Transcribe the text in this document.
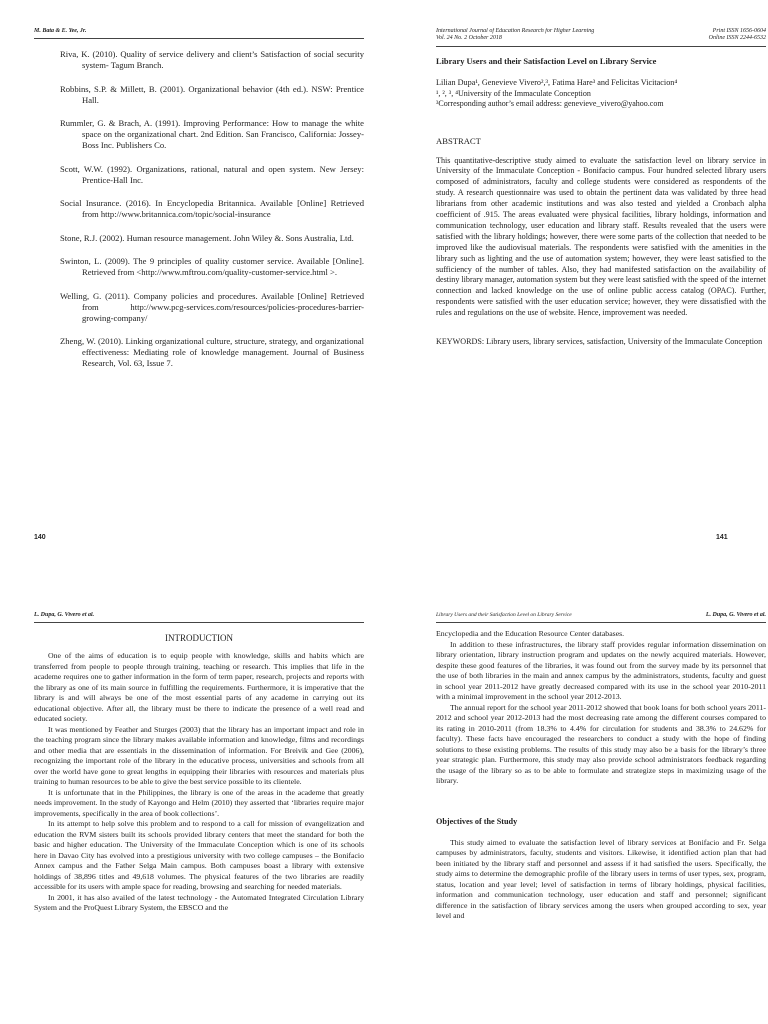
M. Bata & E. Yee, Jr.

Riva, K. (2010). Quality of service delivery and client’s Satisfaction of social security system- Tagum Branch.

Robbins, S.P. & Millett, B. (2001). Organizational behavior (4th ed.). NSW: Prentice Hall.

Rummler, G. & Brach, A. (1991). Improving Performance: How to manage the white space on the organizational chart. 2nd Edition. San Francisco, California: Jossey-Boss Inc. Publishers Co.

Scott, W.W. (1992). Organizations, rational, natural and open system. New Jersey: Prentice-Hall Inc.

Social Insurance. (2016). In Encyclopedia Britannica. Available [Online] Retrieved from http://www.britannica.com/topic/social-insurance

Stone, R.J. (2002). Human resource management. John Wiley &. Sons Australia, Ltd.

Swinton, L. (2009). The 9 principles of quality customer service. Available [Online]. Retrieved from <http://www.mftrou.com/quality-customer-service.html >.

Welling, G. (2011). Company policies and procedures. Available [Online] Retrieved from http://www.pcg-services.com/resources/policies-procedures-barrier-growing-company/

Zheng, W. (2010). Linking organizational culture, structure, strategy, and organizational effectiveness: Mediating role of knowledge management. Journal of Business Research, Vol. 63, Issue 7.

140
International Journal of Education Research for Higher Learning
Vol. 24 No. 2 October 2018
Print ISSN 1656-0604
Online ISSN 2244-6532
Library Users and their Satisfaction Level on Library Service
Lilian Dupa¹, Genevieve Vivero²,³, Fatima Hare³ and Felicitas Vicitacion⁴
¹, ², ³, ⁴University of the Immaculate Conception
³Corresponding author’s email address: genevieve_vivero@yahoo.com
ABSTRACT

This quantitative-descriptive study aimed to evaluate the satisfaction level on library service in University of the Immaculate Conception - Bonifacio campus. Four hundred selected library users composed of administrators, faculty and college students were considered as respondents of the study. A research questionnaire was used to obtain the pertinent data was validated by three head librarians from other academic institutions and was also tested and yielded a Cronbach alpha coefficient of .915. The areas evaluated were physical facilities, library holdings, information and communication technology, user education and library staff. Results revealed that the users were satisfied with the library holdings; however, there were some parts of the collection that needed to be improved like the audiovisual materials. The respondents were satisfied with the amenities in the library such as lighting and the use of automation system; however, they were least satisfied to the sufficiency of the number of tables. Also, they had manifested satisfaction on the availability of destiny library manager, automation system but they were least satisfied with the speed of the internet connection and lacked knowledge on the use of online public access catalog (OPAC). Further, respondents were satisfied with the user education service; however, they were dissatisfied with the rules and regulations on the use of website. Hence, improvement was needed.

KEYWORDS: Library users, library services, satisfaction, University of the Immaculate Conception

141
L. Dupa, G. Vivero et al.
INTRODUCTION

One of the aims of education is to equip people with knowledge, skills and habits which are transferred from people to people through training, teaching or research. This implies that life in the academe requires one to gather information in the form of term paper, research, projects and reports with the library as one of its main source in fulfilling the requirements. Furthermore, it is imperative that the library is and will always be one of the most essential parts of any academe in carrying out its educational objective. After all, the library must be there to indicate the presence of a well read and educated society.

It was mentioned by Feather and Sturges (2003) that the library has an important impact and role in the teaching program since the library makes available information and knowledge, films and recordings and other media that are essentials in the dissemination of information. For Breivik and Gee (2006), recognizing the important role of the library in the educative process, universities and schools from all over the world have gone to great lengths in equipping their libraries with resources and materials plus training to human resources to be able to give the best service possible to its clientele.

It is unfortunate that in the Philippines, the library is one of the areas in the academe that greatly needs improvement. In the study of Kayongo and Helm (2010) they asserted that ‘libraries require major improvements, specifically in the area of book collections’.

In its attempt to help solve this problem and to respond to a call for mission of evangelization and education the RVM sisters built its schools provided library centers that meet the standard for both the basic and higher education. The University of the Immaculate Conception which is one of its schools here in Davao City has evolved into a prestigious university with two college campuses – the Bonifacio Annex campus and the Father Selga Main campus. Both campuses boast a library with extensive holdings of 38,896 titles and 49,618 volumes. The physical features of the two libraries are readily accessible for its users with ample space for reading, browsing and searching for needed materials.

In 2001, it has also availed of the latest technology - the Automated Integrated Circulation Library System and the ProQuest Library System, the EBSCO and the

Library Users and their Satisfaction Level on Library Service	L. Dupa, G. Vivero et al.

Encyclopedia and the Education Resource Center databases.

In addition to these infrastructures, the library staff provides regular information dissemination on library orientation, library instruction program and updates on the newly acquired materials. However, despite these good features of the libraries, it was found out from the survey made by its personnel that the use of both libraries in the main and annex campus by the administrators, students, faculty and guest in school year 2011-2012 have greatly decreased compared with its use in the school year 2010-2011 with a minimal improvement in the school year 2012-2013.

The annual report for the school year 2011-2012 showed that book loans for both school years 2011-2012 and school year 2012-2013 had the most decreasing rate among the different courses compared to its rating in 2010-2011 (from 18.3% to 4.4% for circulation for students and 38.3% to 24.62% for faculty). These facts have encouraged the researchers to conduct a study with the hope of finding solutions to these existing problems. The results of this study may also be a basis for the library’s three year strategic plan. Furthermore, this study may also provide school administrators feedback regarding the usage of the library so as to be able to formulate and strategize steps in maximizing usage of the library.

Objectives of the Study

This study aimed to evaluate the satisfaction level of library services at Bonifacio and Fr. Selga campuses by administrators, faculty, students and visitors. Likewise, it identified action plan that had been initiated by the library staff and personnel and assess if it had satisfied the users. Specifically, the study aims to determine the demographic profile of the library users in terms of user types, sex, program, status, location and year level; level of satisfaction in terms of library holdings, physical facilities, information and communication technology, user education and staff and personnel; significant difference in the satisfaction of library services among the users when grouped according to sex, year level and
